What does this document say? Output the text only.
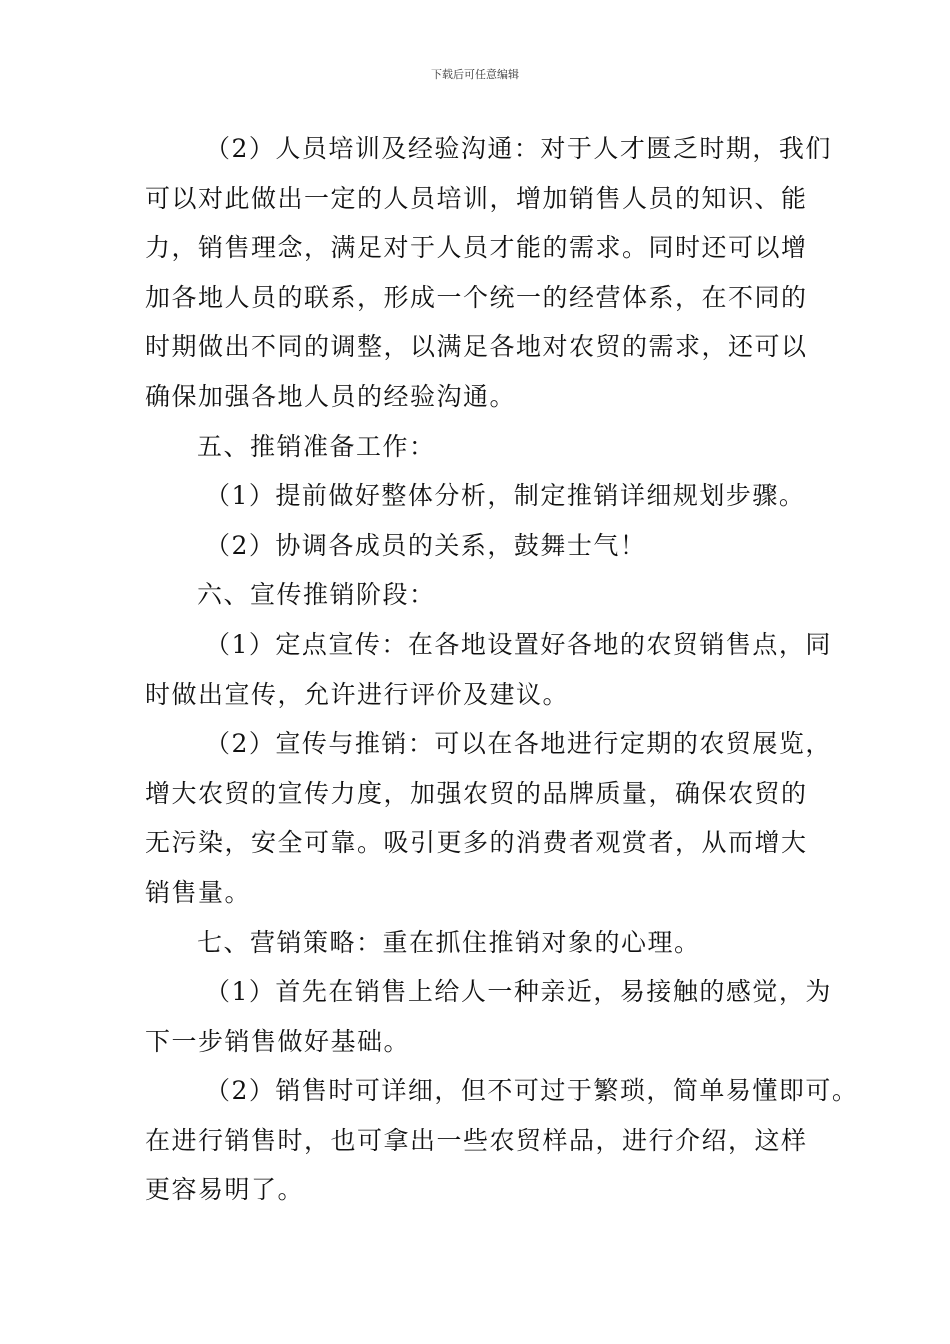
下载后可任意编辑

（2）人员培训及经验沟通：对于人才匮乏时期，我们

可以对此做出一定的人员培训，增加销售人员的知识、能

力，销售理念，满足对于人员才能的需求。同时还可以增

加各地人员的联系，形成一个统一的经营体系，在不同的

时期做出不同的调整，以满足各地对农贸的需求，还可以

确保加强各地人员的经验沟通。

五、推销准备工作：

（1）提前做好整体分析，制定推销详细规划步骤。

（2）协调各成员的关系，鼓舞士气！

六、宣传推销阶段：

（1）定点宣传：在各地设置好各地的农贸销售点，同

时做出宣传，允许进行评价及建议。

（2）宣传与推销：可以在各地进行定期的农贸展览，

增大农贸的宣传力度，加强农贸的品牌质量，确保农贸的

无污染，安全可靠。吸引更多的消费者观赏者，从而增大

销售量。

七、营销策略：重在抓住推销对象的心理。

（1）首先在销售上给人一种亲近，易接触的感觉，为

下一步销售做好基础。

（2）销售时可详细，但不可过于繁琐，简单易懂即可。

在进行销售时，也可拿出一些农贸样品，进行介绍，这样

更容易明了。
